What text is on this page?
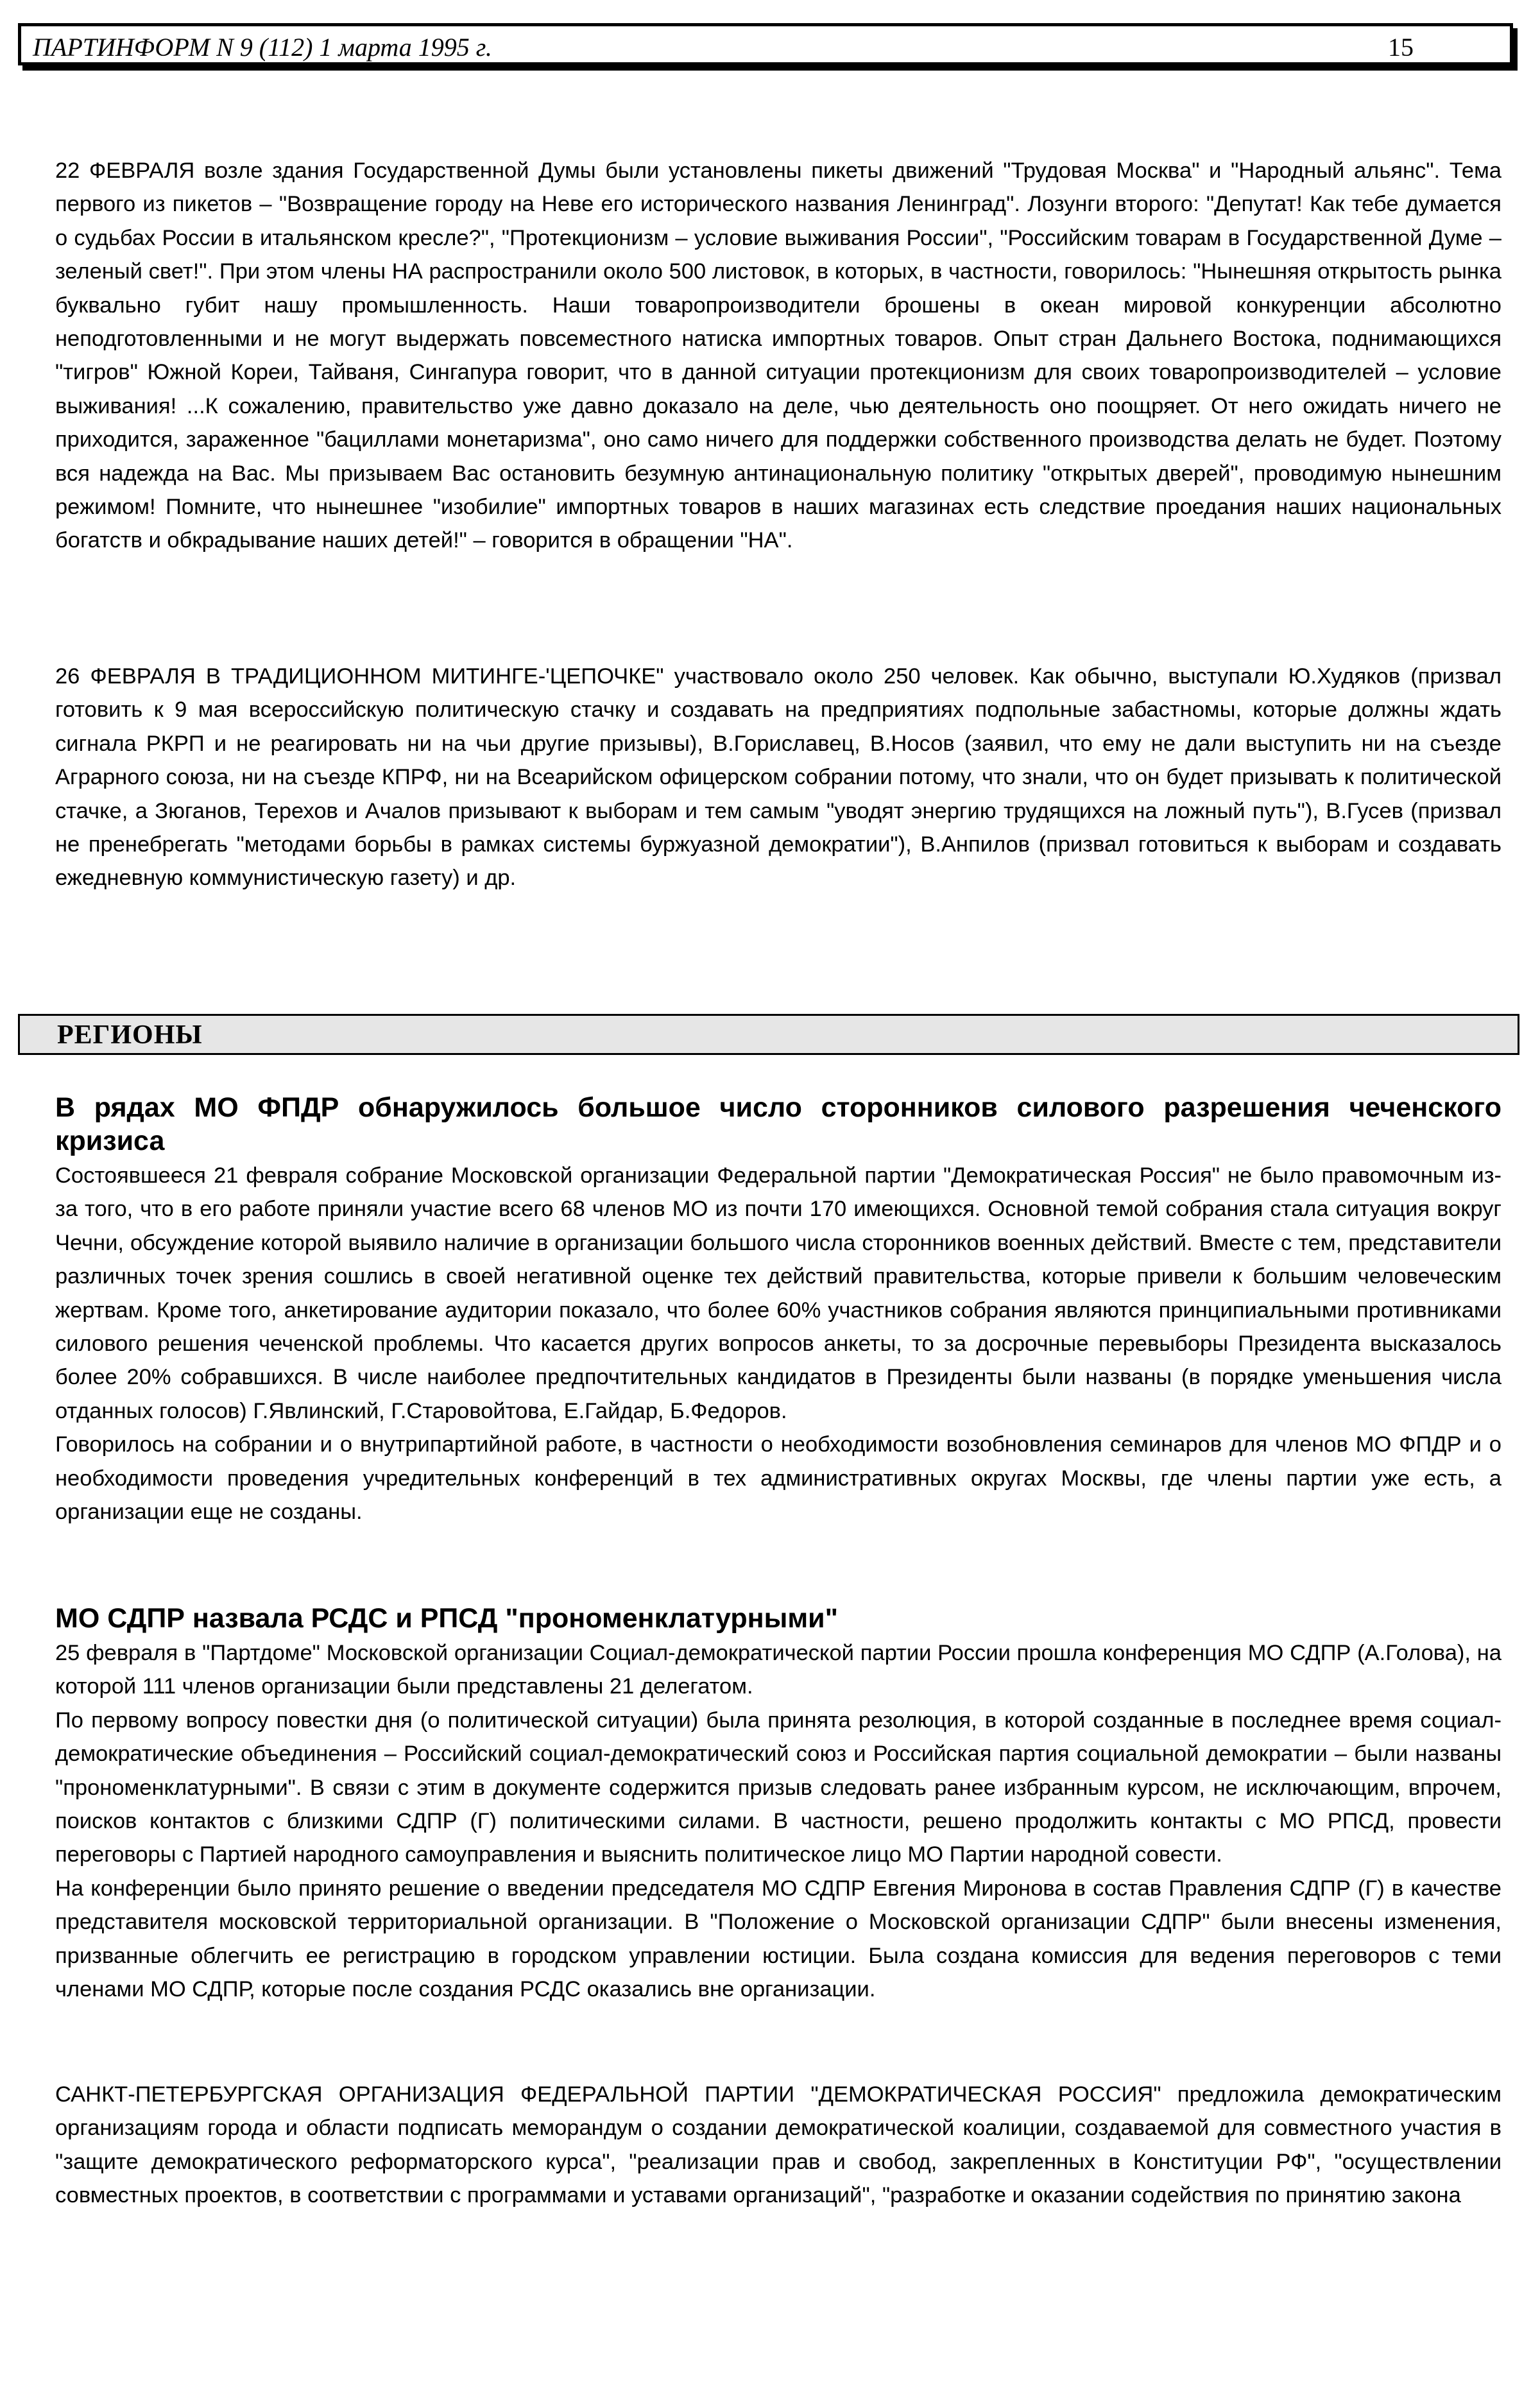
ПАРТИНФОРМ N 9 (112) 1 марта 1995 г.	15

22 ФЕВРАЛЯ возле здания Государственной Думы были установлены пикеты движений "Трудовая Москва" и "Народный альянс". Тема первого из пикетов – "Возвращение городу на Неве его исторического названия Ленинград". Лозунги второго: "Депутат! Как тебе думается о судьбах России в итальянском кресле?", "Протекционизм – условие выживания России", "Российским товарам в Государственной Думе – зеленый свет!". При этом члены НА распространили около 500 листовок, в которых, в частности, говорилось: "Нынешняя открытость рынка буквально губит нашу промышленность. Наши товаропроизводители брошены в океан мировой конкуренции абсолютно неподготовленными и не могут выдержать повсеместного натиска импортных товаров. Опыт стран Дальнего Востока, поднимающихся "тигров" Южной Кореи, Тайваня, Сингапура говорит, что в данной ситуации протекционизм для своих товаропроизводителей – условие выживания! ...К сожалению, правительство уже давно доказало на деле, чью деятельность оно поощряет. От него ожидать ничего не приходится, зараженное "бациллами монетаризма", оно само ничего для поддержки собственного производства делать не будет. Поэтому вся надежда на Вас. Мы призываем Вас остановить безумную антинациональную политику "открытых дверей", проводимую нынешним режимом! Помните, что нынешнее "изобилие" импортных товаров в наших магазинах есть следствие проедания наших национальных богатств и обкрадывание наших детей!" – говорится в обращении "НА".

26 ФЕВРАЛЯ В ТРАДИЦИОННОМ МИТИНГЕ-'ЦЕПОЧКЕ" участвовало около 250 человек. Как обычно, выступали Ю.Худяков (призвал готовить к 9 мая всероссийскую политическую стачку и создавать на предприятиях подпольные забастномы, которые должны ждать сигнала РКРП и не реагировать ни на чьи другие призывы), В.Гориславец, В.Носов (заявил, что ему не дали выступить ни на съезде Аграрного союза, ни на съезде КПРФ, ни на Всеарийском офицерском собрании потому, что знали, что он будет призывать к политической стачке, а Зюганов, Терехов и Ачалов призывают к выборам и тем самым "уводят энергию трудящихся на ложный путь"), В.Гусев (призвал не пренебрегать "методами борьбы в рамках системы буржуазной демократии"), В.Анпилов (призвал готовиться к выборам и создавать ежедневную коммунистическую газету) и др.

РЕГИОНЫ
В рядах МО ФПДР обнаружилось большое число сторонников силового разрешения чеченского кризиса

Состоявшееся 21 февраля собрание Московской организации Федеральной партии "Демократическая Россия" не было правомочным из-за того, что в его работе приняли участие всего 68 членов МО из почти 170 имеющихся. Основной темой собрания стала ситуация вокруг Чечни, обсуждение которой выявило наличие в организации большого числа сторонников военных действий. Вместе с тем, представители различных точек зрения сошлись в своей негативной оценке тех действий правительства, которые привели к большим человеческим жертвам. Кроме того, анкетирование аудитории показало, что более 60% участников собрания являются принципиальными противниками силового решения чеченской проблемы. Что касается других вопросов анкеты, то за досрочные перевыборы Президента высказалось более 20% собравшихся. В числе наиболее предпочтительных кандидатов в Президенты были названы (в порядке уменьшения числа отданных голосов) Г.Явлинский, Г.Старовойтова, Е.Гайдар, Б.Федоров.

Говорилось на собрании и о внутрипартийной работе, в частности о необходимости возобновления семинаров для членов МО ФПДР и о необходимости проведения учредительных конференций в тех административных округах Москвы, где члены партии уже есть, а организации еще не созданы.

МО СДПР назвала РСДС и РПСД "прономенклатурными"

25 февраля в "Партдоме" Московской организации Социал-демократической партии России прошла конференция МО СДПР (А.Голова), на которой 111 членов организации были представлены 21 делегатом.

По первому вопросу повестки дня (о политической ситуации) была принята резолюция, в которой созданные в последнее время социал-демократические объединения – Российский социал-демократический союз и Российская партия социальной демократии – были названы "прономенклатурными". В связи с этим в документе содержится призыв следовать ранее избранным курсом, не исключающим, впрочем, поисков контактов с близкими СДПР (Г) политическими силами. В частности, решено продолжить контакты с МО РПСД, провести переговоры с Партией народного самоуправления и выяснить политическое лицо МО Партии народной совести.

На конференции было принято решение о введении председателя МО СДПР Евгения Миронова в состав Правления СДПР (Г) в качестве представителя московской территориальной организации. В "Положение о Московской организации СДПР" были внесены изменения, призванные облегчить ее регистрацию в городском управлении юстиции. Была создана комиссия для ведения переговоров с теми членами МО СДПР, которые после создания РСДС оказались вне организации.

САНКТ-ПЕТЕРБУРГСКАЯ ОРГАНИЗАЦИЯ ФЕДЕРАЛЬНОЙ ПАРТИИ "ДЕМОКРАТИЧЕСКАЯ РОССИЯ" предложила демократическим организациям города и области подписать меморандум о создании демократической коалиции, создаваемой для совместного участия в "защите демократического реформаторского курса", "реализации прав и свобод, закрепленных в Конституции РФ", "осуществлении совместных проектов, в соответствии с программами и уставами организаций", "разработке и оказании содействия по принятию закона
